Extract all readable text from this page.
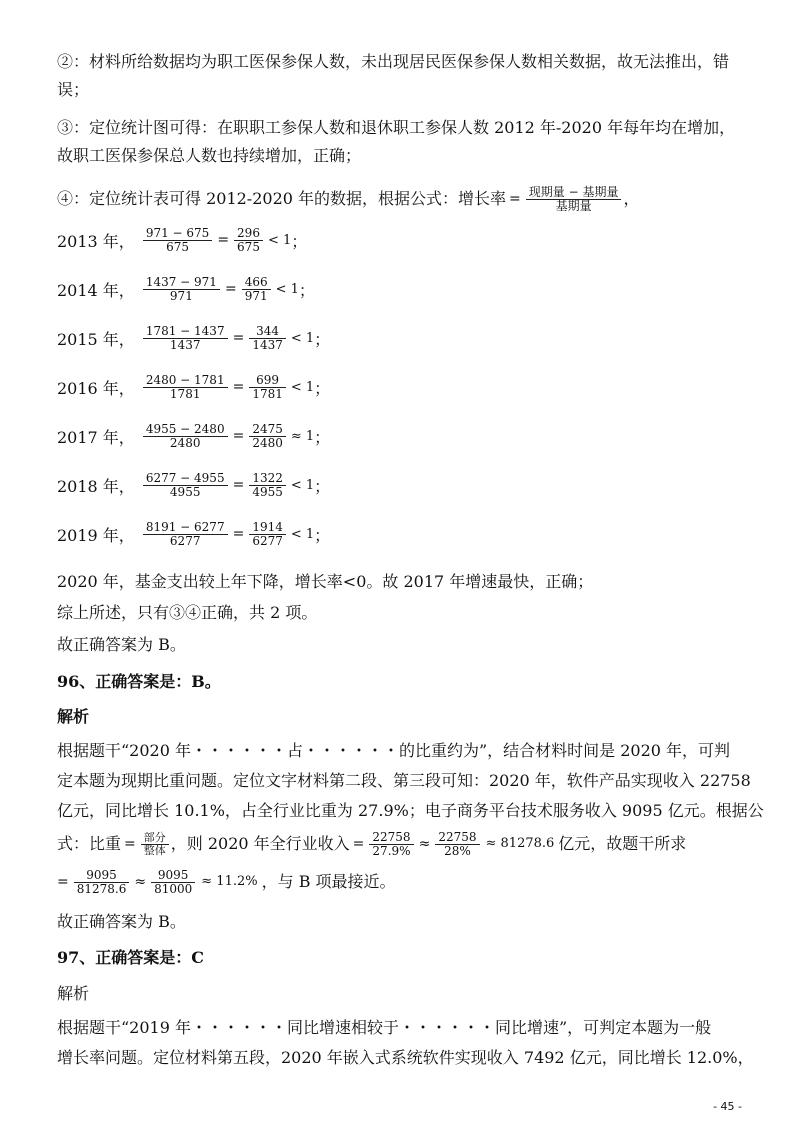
②：材料所给数据均为职工医保参保人数，未出现居民医保参保人数相关数据，故无法推出，错
误；
③：定位统计图可得：在职职工参保人数和退休职工参保人数 2012 年-2020 年每年均在增加，
故职工医保参保总人数也持续增加，正确；
④：定位统计表可得 2012-2020 年的数据，根据公式：增长率 = $\frac{\text{现期量 − 基期量}}{\text{基期量}}$ ，
2013 年， $\frac{971 - 675}{675} = \frac{296}{675} < 1$ ；
2014 年， $\frac{1437 - 971}{971} = \frac{466}{971} < 1$ ；
2015 年， $\frac{1781 - 1437}{1437} = \frac{344}{1437} < 1$ ；
2016 年， $\frac{2480 - 1781}{1781} = \frac{699}{1781} < 1$ ；
2017 年， $\frac{4955 - 2480}{2480} = \frac{2475}{2480} \approx 1$ ；
2018 年， $\frac{6277 - 4955}{4955} = \frac{1322}{4955} < 1$ ；
2019 年， $\frac{8191 - 6277}{6277} = \frac{1914}{6277} < 1$ ；
2020 年，基金支出较上年下降，增长率<0。故 2017 年增速最快，正确；
综上所述，只有③④正确，共 2 项。
故正确答案为 B。
96、正确答案是：B。
解析
根据题干“2020 年・・・・・・占・・・・・・的比重约为”，结合材料时间是 2020 年，可判
定本题为现期比重问题。定位文字材料第二段、第三段可知：2020 年，软件产品实现收入 22758
亿元，同比增长 10.1%，占全行业比重为 27.9%；电子商务平台技术服务收入 9095 亿元。根据公
式：比重 = $\frac{\text{部分}}{\text{整体}}$ ，则 2020 年全行业收入 = $\frac{22758}{27.9\%} \approx \frac{22758}{28\%} \approx 81278.6$ 亿元，故题干所求
= $\frac{9095}{81278.6} \approx \frac{9095}{81000} \approx 11.2\%$ ，与 B 项最接近。
故正确答案为 B。
97、正确答案是：C
解析
根据题干“2019 年・・・・・・同比增速相较于・・・・・・同比增速”，可判定本题为一般
增长率问题。定位材料第五段，2020 年嵌入式系统软件实现收入 7492 亿元，同比增长 12.0%，
- 45 -
